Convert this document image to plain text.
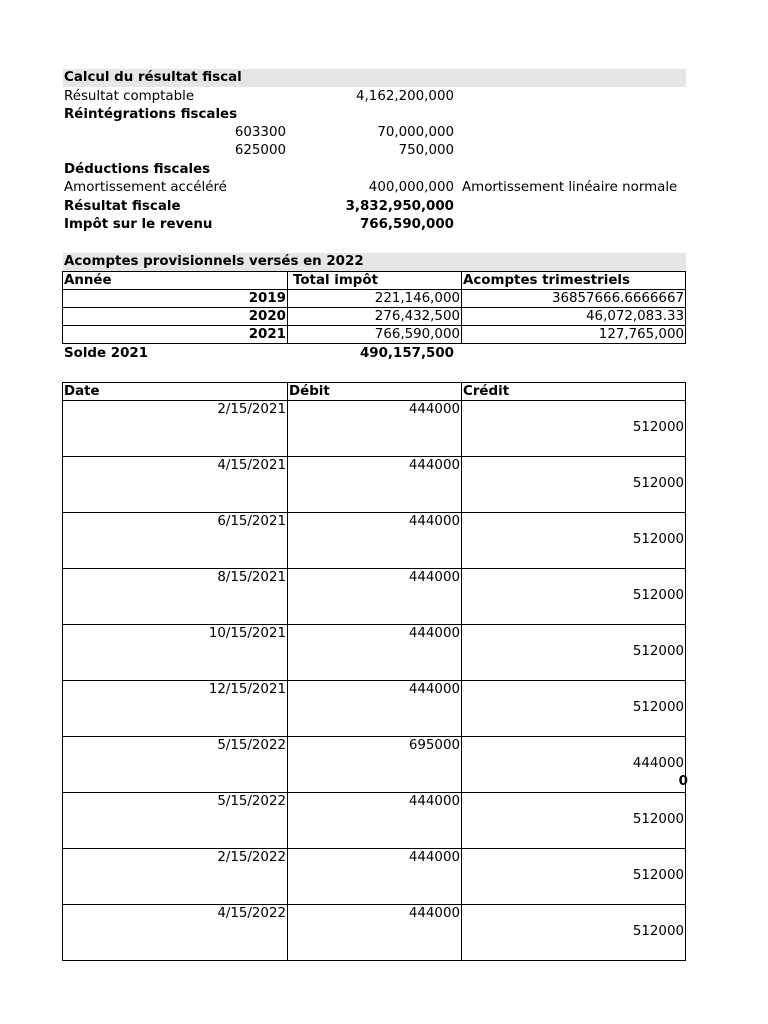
Calcul du résultat fiscal
Résultat comptable	4,162,200,000
Réintégrations fiscales
603300	70,000,000
625000	750,000
Déductions fiscales
Amortissement accéléré	400,000,000 Amortissement linéaire normale
Résultat fiscale	3,832,950,000
Impôt sur le revenu	766,590,000
Acomptes provisionnels versés en 2022
Année	Total impôt	Acomptes trimestriels
2019	221,146,000	36857666.6666667
2020	276,432,500	46,072,083.33
2021	766,590,000	127,765,000
Solde 2021	490,157,500
Date	Débit	Crédit
2/15/2021	444000	512000

4/15/2021	444000	512000

6/15/2021	444000	512000

8/15/2021	444000	512000

10/15/2021	444000	512000

12/15/2021	444000	512000

5/15/2022	695000	444000
0

5/15/2022	444000	512000

2/15/2022	444000	512000

4/15/2022	444000	512000
